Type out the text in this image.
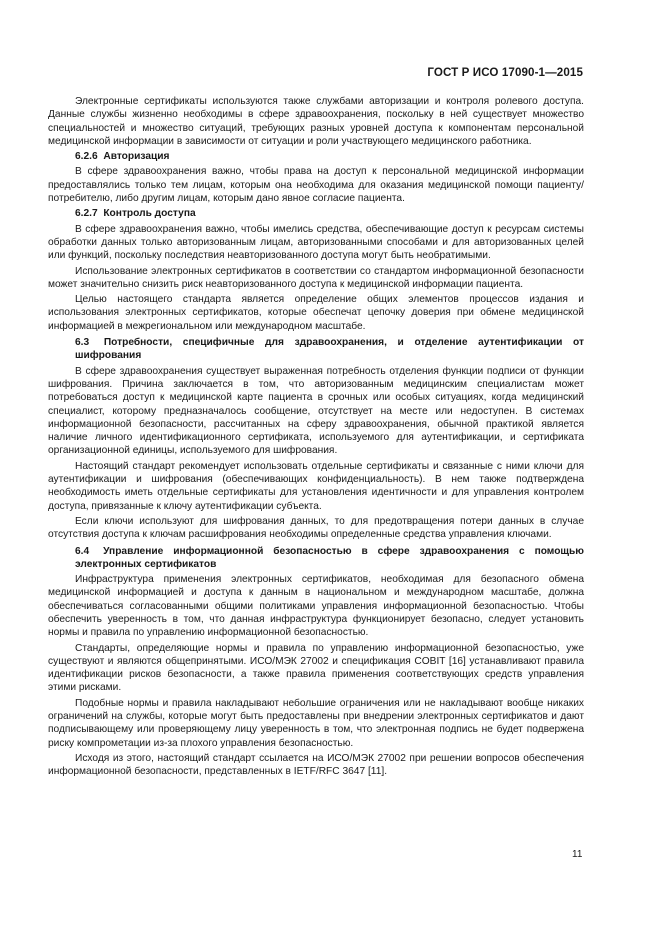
ГОСТ Р ИСО 17090-1—2015

Электронные сертификаты используются также службами авторизации и контроля ролевого доступа. Данные службы жизненно необходимы в сфере здравоохранения, поскольку в ней существует множество специальностей и множество ситуаций, требующих разных уровней доступа к компонентам персональной медицинской информации в зависимости от ситуации и роли участвующего медицинского работника.

6.2.6 Авторизация

В сфере здравоохранения важно, чтобы права на доступ к персональной медицинской информации предоставлялись только тем лицам, которым она необходима для оказания медицинской помощи пациенту/потребителю, либо другим лицам, которым дано явное согласие пациента.

6.2.7 Контроль доступа

В сфере здравоохранения важно, чтобы имелись средства, обеспечивающие доступ к ресурсам системы обработки данных только авторизованным лицам, авторизованными способами и для авторизованных целей или функций, поскольку последствия неавторизованного доступа могут быть необратимыми.

Использование электронных сертификатов в соответствии со стандартом информационной безопасности может значительно снизить риск неавторизованного доступа к медицинской информации пациента.

Целью настоящего стандарта является определение общих элементов процессов издания и использования электронных сертификатов, которые обеспечат цепочку доверия при обмене медицинской информацией в межрегиональном или международном масштабе.

6.3 Потребности, специфичные для здравоохранения, и отделение аутентификации от шифрования

В сфере здравоохранения существует выраженная потребность отделения функции подписи от функции шифрования. Причина заключается в том, что авторизованным медицинским специалистам может потребоваться доступ к медицинской карте пациента в срочных или особых ситуациях, когда медицинский специалист, которому предназначалось сообщение, отсутствует на месте или недоступен. В системах информационной безопасности, рассчитанных на сферу здравоохранения, обычной практикой является наличие личного идентификационного сертификата, используемого для аутентификации, и сертификата организационной единицы, используемого для шифрования.

Настоящий стандарт рекомендует использовать отдельные сертификаты и связанные с ними ключи для аутентификации и шифрования (обеспечивающих конфиденциальность). В нем также подтверждена необходимость иметь отдельные сертификаты для установления идентичности и для управления контролем доступа, привязанные к ключу аутентификации субъекта.

Если ключи используют для шифрования данных, то для предотвращения потери данных в случае отсутствия доступа к ключам расшифрования необходимы определенные средства управления ключами.

6.4 Управление информационной безопасностью в сфере здравоохранения с помощью электронных сертификатов

Инфраструктура применения электронных сертификатов, необходимая для безопасного обмена медицинской информацией и доступа к данным в национальном и международном масштабе, должна обеспечиваться согласованными общими политиками управления информационной безопасностью. Чтобы обеспечить уверенность в том, что данная инфраструктура функционирует безопасно, следует установить нормы и правила по управлению информационной безопасностью.

Стандарты, определяющие нормы и правила по управлению информационной безопасностью, уже существуют и являются общепринятыми. ИСО/МЭК 27002 и спецификация COBIT [16] устанавливают правила идентификации рисков безопасности, а также правила применения соответствующих средств управления этими рисками.

Подобные нормы и правила накладывают небольшие ограничения или не накладывают вообще никаких ограничений на службы, которые могут быть предоставлены при внедрении электронных сертификатов и дают подписывающему или проверяющему лицу уверенность в том, что электронная подпись не будет подвержена риску компрометации из-за плохого управления безопасностью.

Исходя из этого, настоящий стандарт ссылается на ИСО/МЭК 27002 при решении вопросов обеспечения информационной безопасности, представленных в IETF/RFC 3647 [11].

11
